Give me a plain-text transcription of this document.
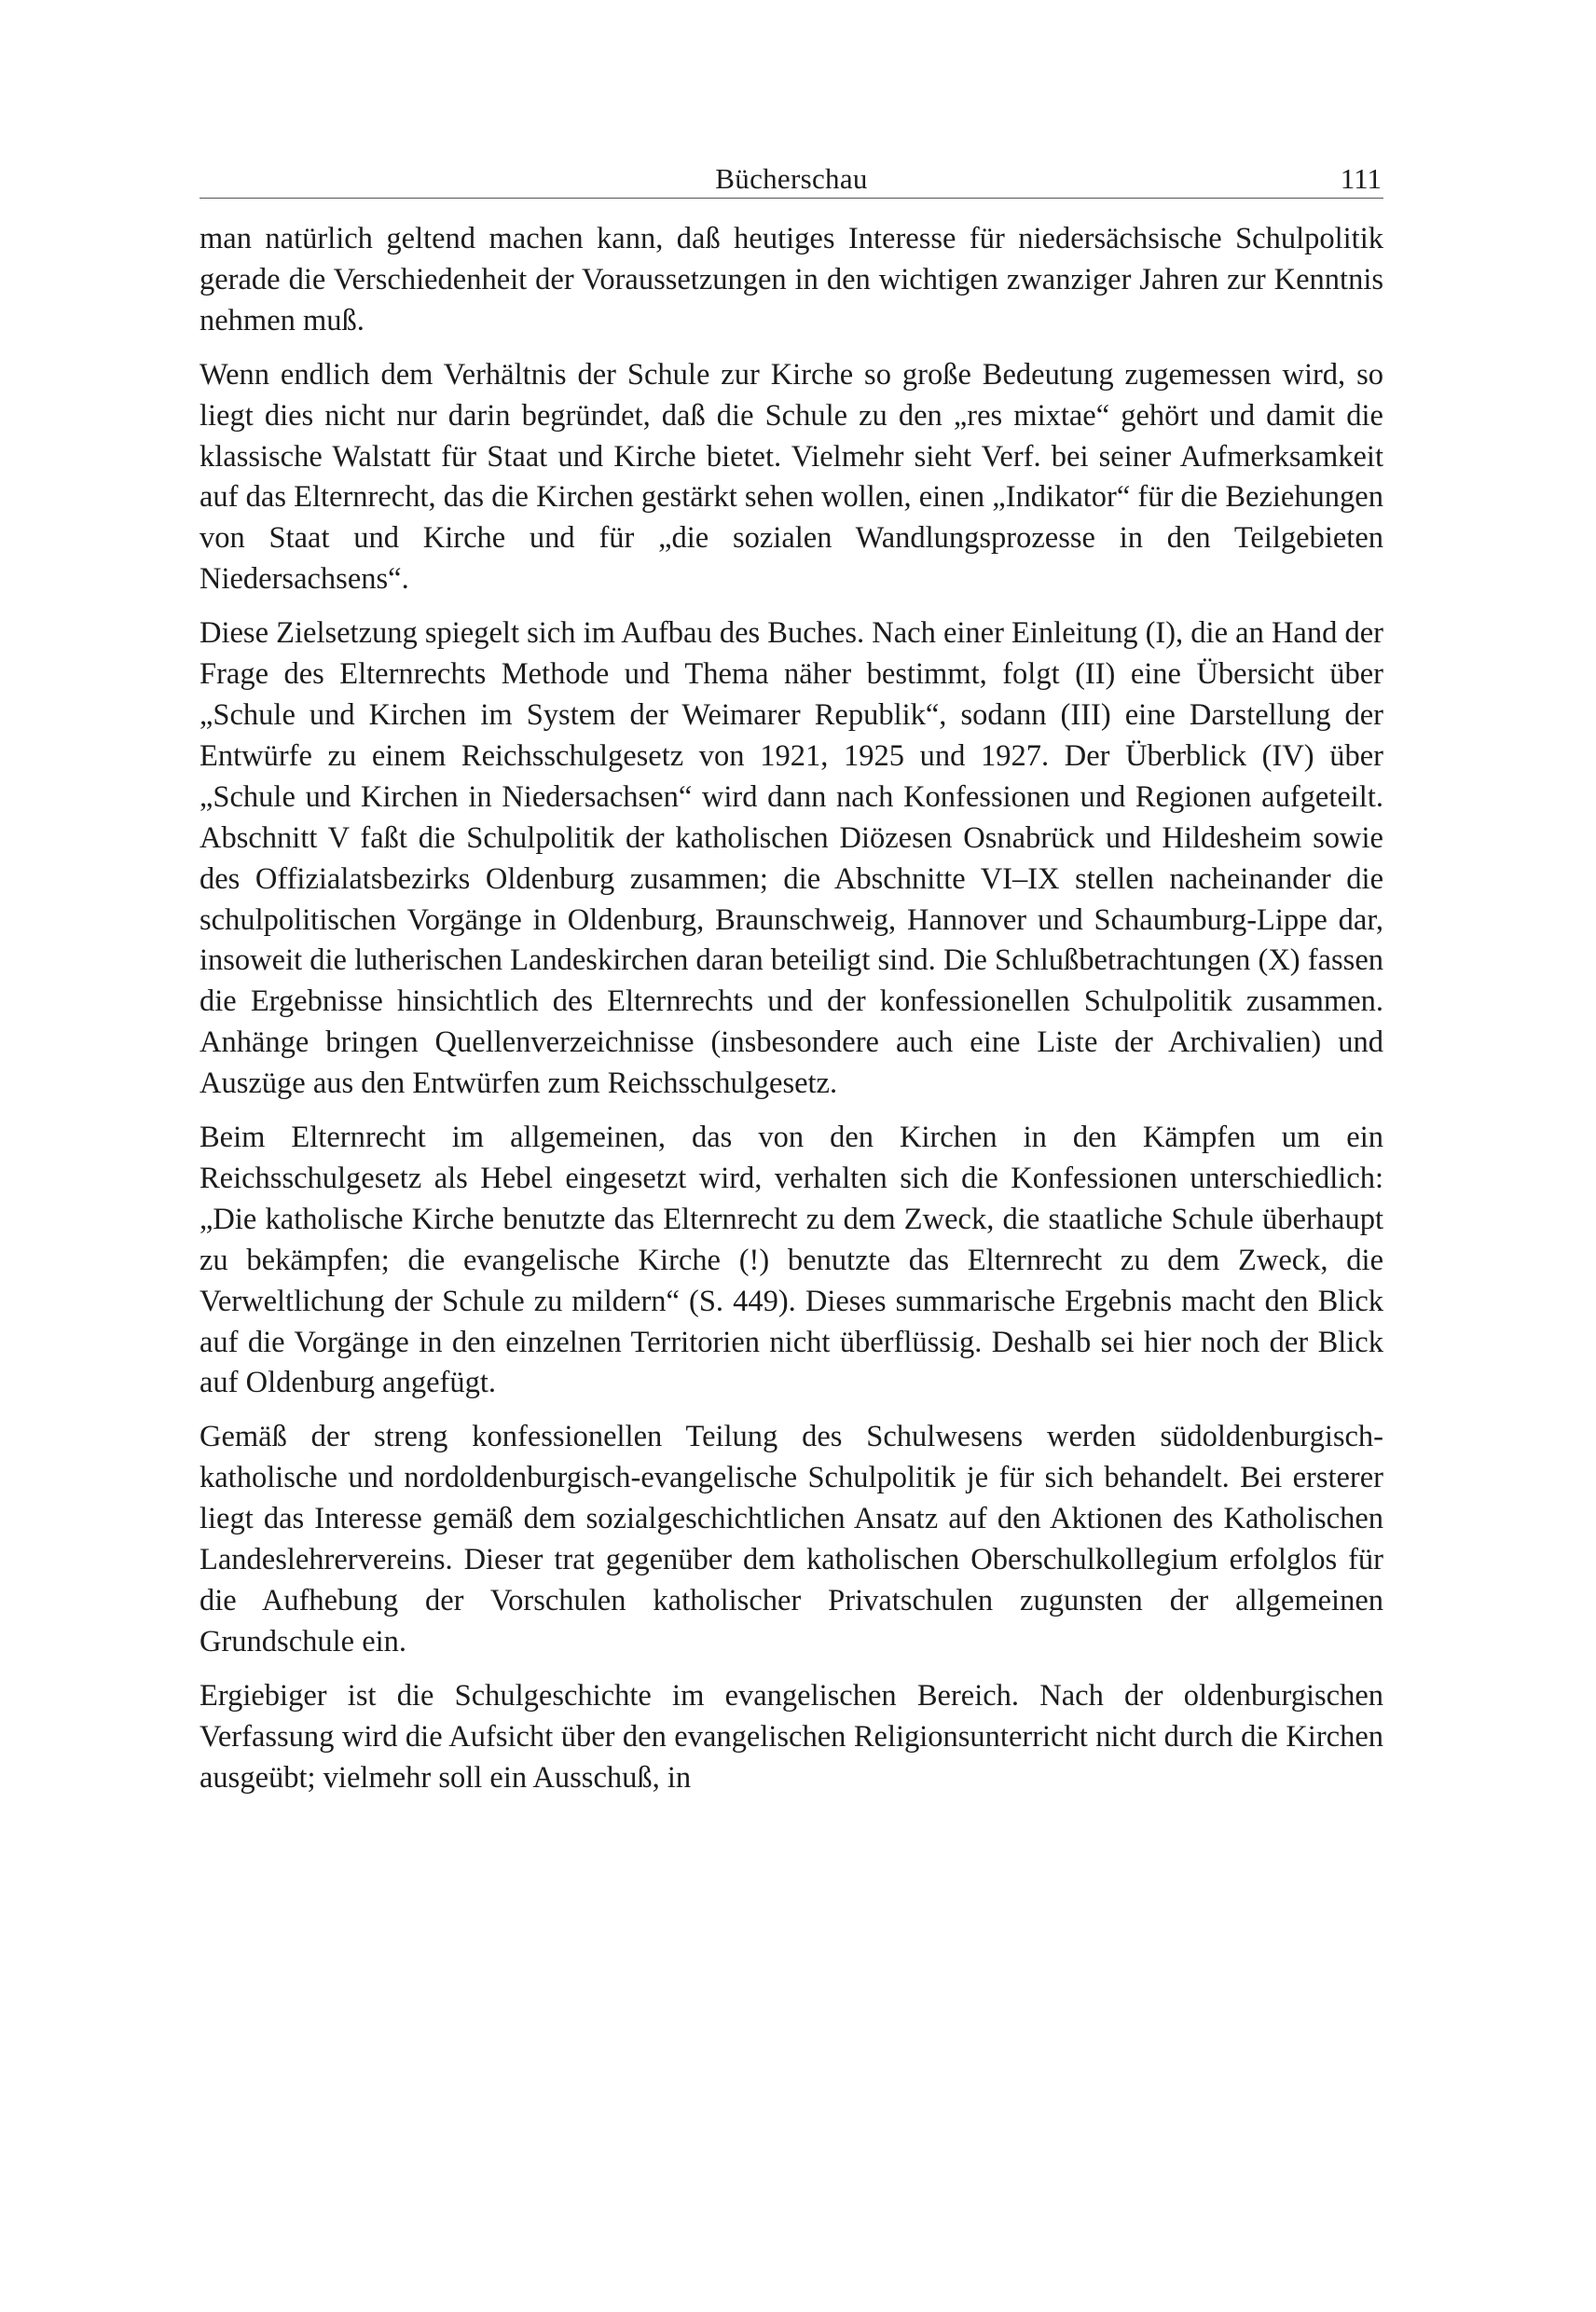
Bücherschau	111

man natürlich geltend machen kann, daß heutiges Interesse für niedersächsische Schulpolitik gerade die Verschiedenheit der Voraussetzungen in den wichtigen zwanziger Jahren zur Kenntnis nehmen muß.

Wenn endlich dem Verhältnis der Schule zur Kirche so große Bedeutung zugemessen wird, so liegt dies nicht nur darin begründet, daß die Schule zu den „res mixtae“ gehört und damit die klassische Walstatt für Staat und Kirche bietet. Vielmehr sieht Verf. bei seiner Aufmerksamkeit auf das Elternrecht, das die Kirchen gestärkt sehen wollen, einen „Indikator“ für die Beziehungen von Staat und Kirche und für „die sozialen Wandlungsprozesse in den Teilgebieten Niedersachsens“.

Diese Zielsetzung spiegelt sich im Aufbau des Buches. Nach einer Einleitung (I), die an Hand der Frage des Elternrechts Methode und Thema näher bestimmt, folgt (II) eine Übersicht über „Schule und Kirchen im System der Weimarer Republik“, sodann (III) eine Darstellung der Entwürfe zu einem Reichsschulgesetz von 1921, 1925 und 1927. Der Überblick (IV) über „Schule und Kirchen in Niedersachsen“ wird dann nach Konfessionen und Regionen aufgeteilt. Abschnitt V faßt die Schulpolitik der katholischen Diözesen Osnabrück und Hildesheim sowie des Offizialatsbezirks Oldenburg zusammen; die Abschnitte VI–IX stellen nacheinander die schulpolitischen Vorgänge in Oldenburg, Braunschweig, Hannover und Schaumburg-Lippe dar, insoweit die lutherischen Landeskirchen daran beteiligt sind. Die Schlußbetrachtungen (X) fassen die Ergebnisse hinsichtlich des Elternrechts und der konfessionellen Schulpolitik zusammen. Anhänge bringen Quellenverzeichnisse (insbesondere auch eine Liste der Archivalien) und Auszüge aus den Entwürfen zum Reichsschulgesetz.

Beim Elternrecht im allgemeinen, das von den Kirchen in den Kämpfen um ein Reichsschulgesetz als Hebel eingesetzt wird, verhalten sich die Konfessionen unterschiedlich: „Die katholische Kirche benutzte das Elternrecht zu dem Zweck, die staatliche Schule überhaupt zu bekämpfen; die evangelische Kirche (!) benutzte das Elternrecht zu dem Zweck, die Verweltlichung der Schule zu mildern“ (S. 449). Dieses summarische Ergebnis macht den Blick auf die Vorgänge in den einzelnen Territorien nicht überflüssig. Deshalb sei hier noch der Blick auf Oldenburg angefügt.

Gemäß der streng konfessionellen Teilung des Schulwesens werden südoldenburgisch-katholische und nordoldenburgisch-evangelische Schulpolitik je für sich behandelt. Bei ersterer liegt das Interesse gemäß dem sozialgeschichtlichen Ansatz auf den Aktionen des Katholischen Landeslehrervereins. Dieser trat gegenüber dem katholischen Oberschulkollegium erfolglos für die Aufhebung der Vorschulen katholischer Privatschulen zugunsten der allgemeinen Grundschule ein.

Ergiebiger ist die Schulgeschichte im evangelischen Bereich. Nach der oldenburgischen Verfassung wird die Aufsicht über den evangelischen Religionsunterricht nicht durch die Kirchen ausgeübt; vielmehr soll ein Ausschuß, in
